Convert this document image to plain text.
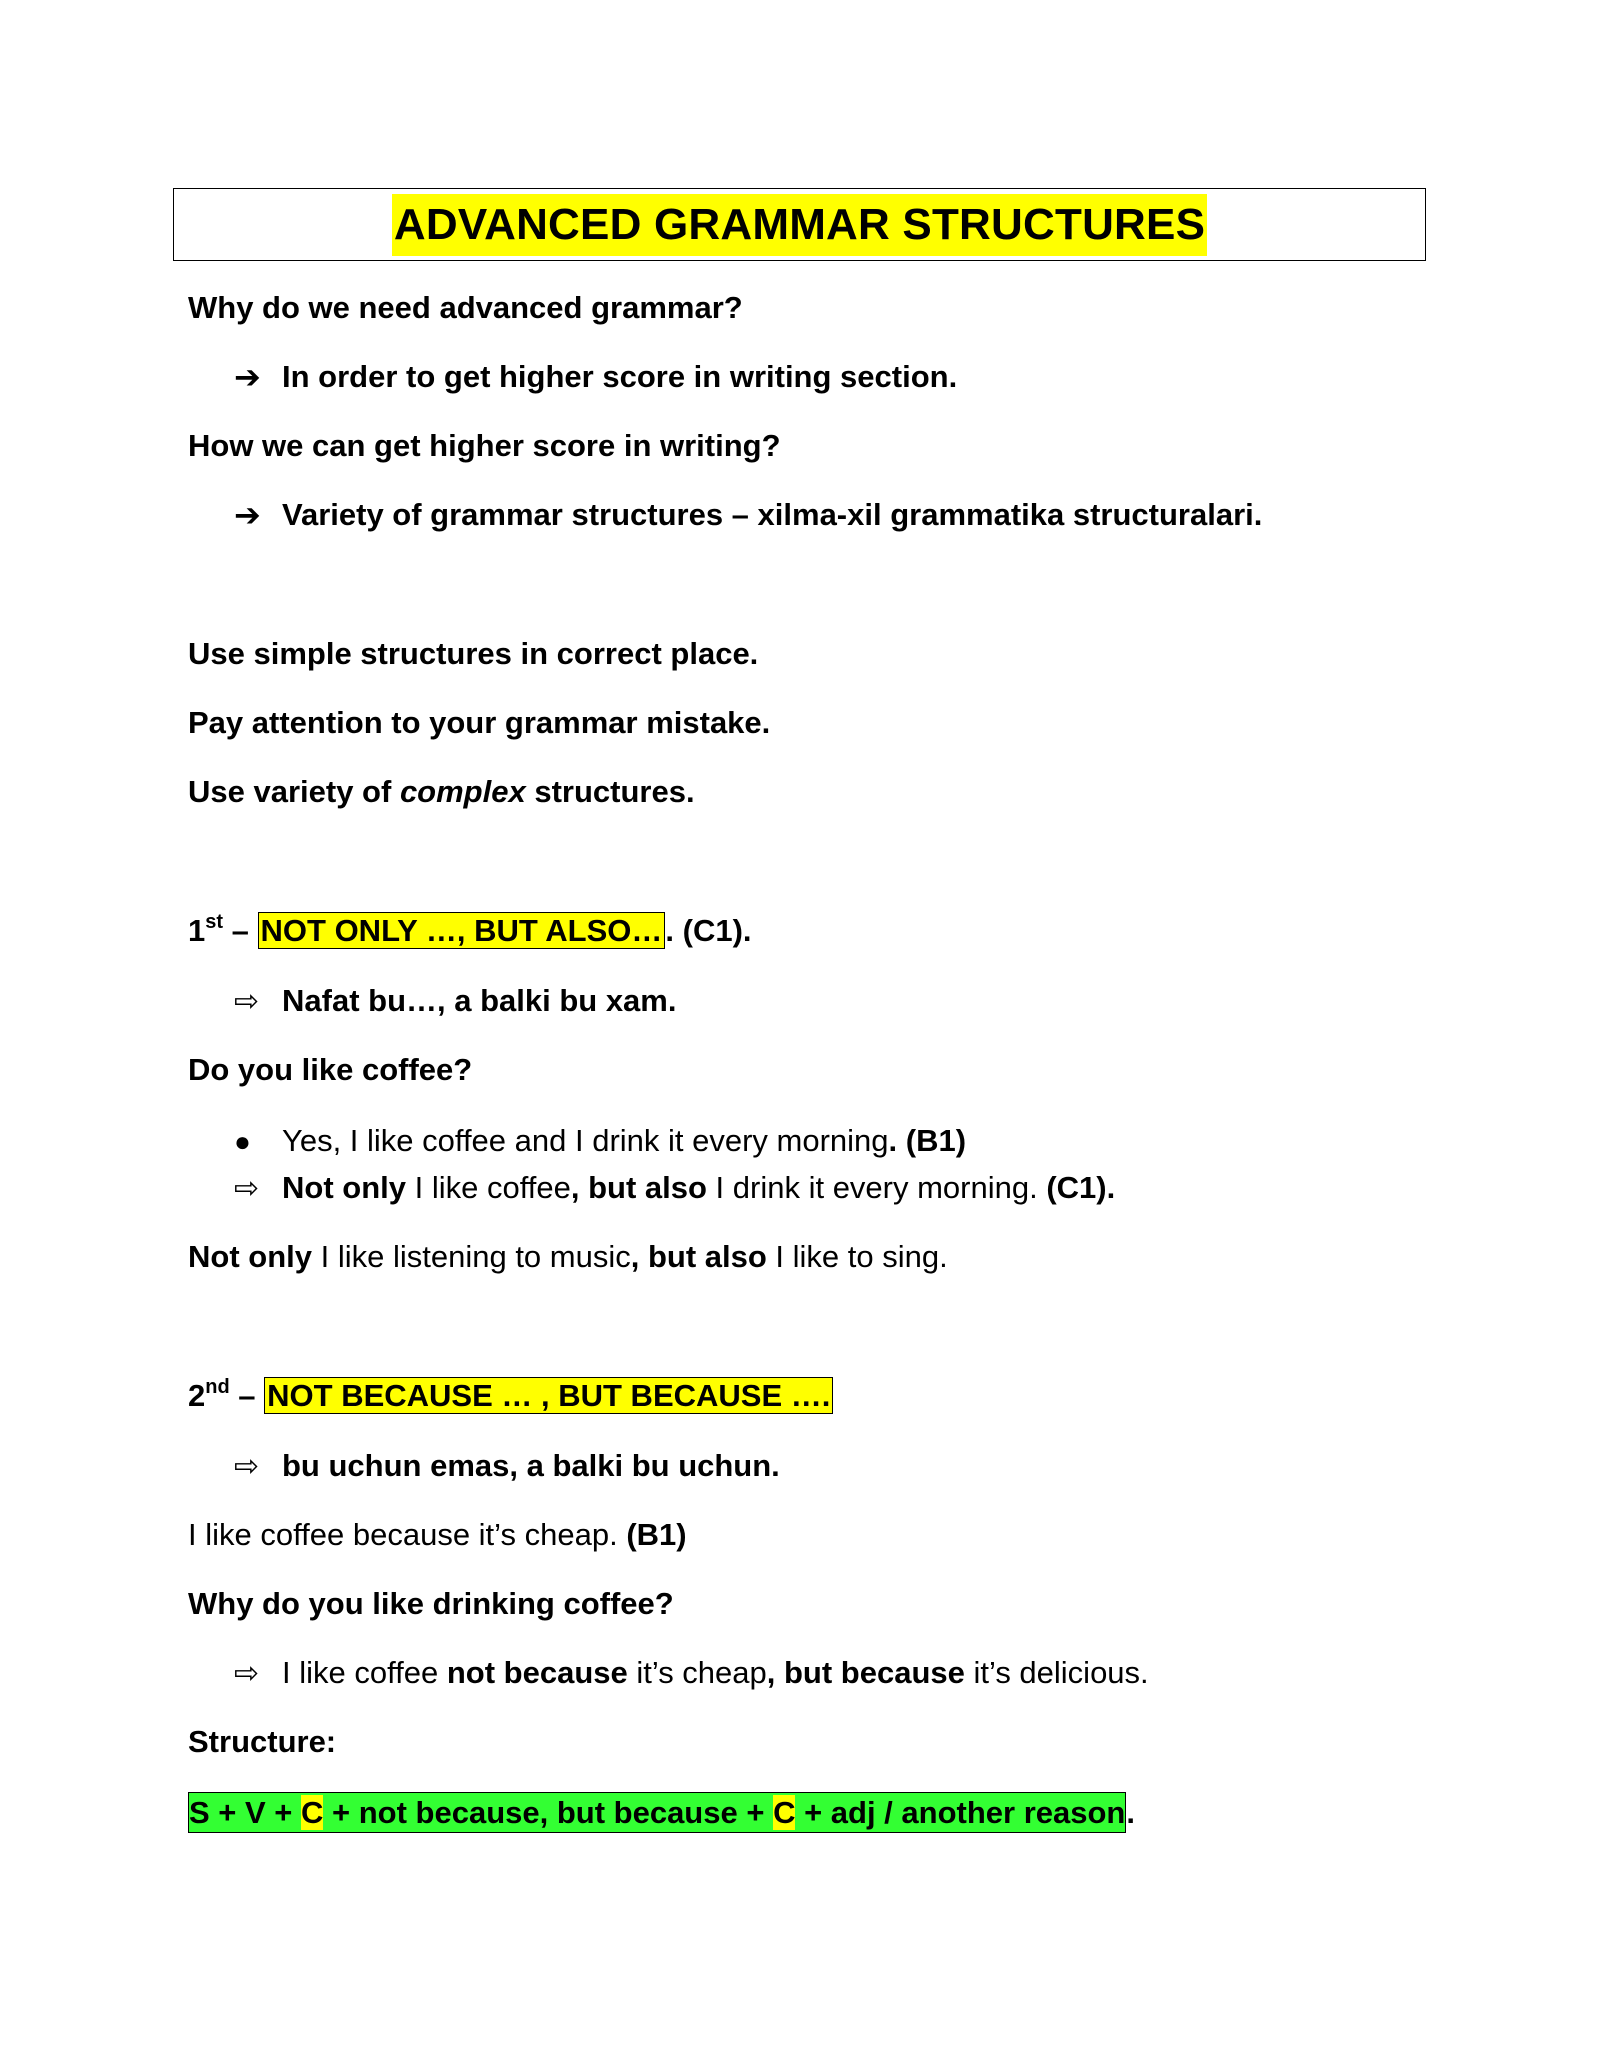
ADVANCED GRAMMAR STRUCTURES
Why do we need advanced grammar?
➔ In order to get higher score in writing section.
How we can get higher score in writing?
➔ Variety of grammar structures – xilma-xil grammatika structuralari.
Use simple structures in correct place.
Pay attention to your grammar mistake.
Use variety of complex structures.
1st – NOT ONLY …, BUT ALSO…. (C1).
⇨ Nafat bu…, a balki bu xam.
Do you like coffee?
● Yes, I like coffee and I drink it every morning. (B1)
⇨ Not only I like coffee, but also I drink it every morning. (C1).
Not only I like listening to music, but also I like to sing.
2nd – NOT BECAUSE … , BUT BECAUSE ….
⇨ bu uchun emas, a balki bu uchun.
I like coffee because it’s cheap. (B1)
Why do you like drinking coffee?
⇨ I like coffee not because it’s cheap, but because it’s delicious.
Structure:
S + V + C + not because, but because + C + adj / another reason.
